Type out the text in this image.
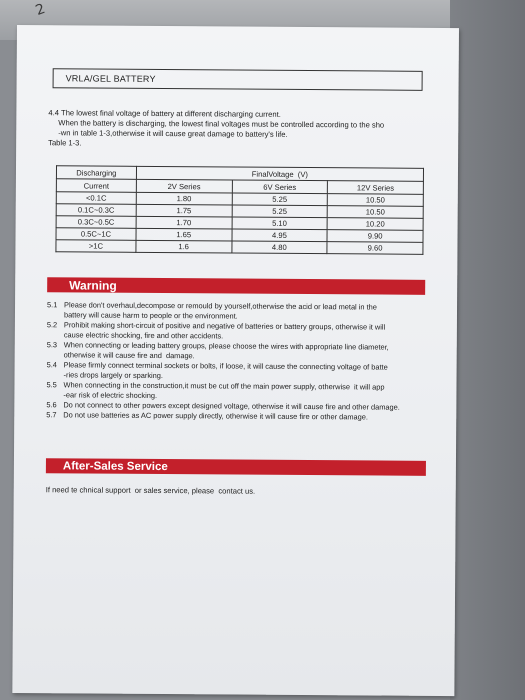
2
VRLA/GEL BATTERY
4.4 The lowest final voltage of battery at different discharging current.
When the battery is discharging, the lowest final voltages must be controlled according to the sho
-wn in table 1-3,otherwise it will cause great damage to battery's life.
Table 1-3.
Discharging	FinalVoltage  (V)		
Current	2V Series	6V Series	12V Series
<0.1C	1.80	5.25	10.50
0.1C~0.3C	1.75	5.25	10.50
0.3C~0.5C	1.70	5.10	10.20
0.5C~1C	1.65	4.95	9.90
>1C	1.6	4.80	9.60
Warning
5.1 Please don't overhaul,decompose or remould by yourself,otherwise the acid or lead metal in the
battery will cause harm to people or the environment.
5.2 Prohibit making short-circuit of positive and negative of batteries or battery groups, otherwise it will
cause electric shocking, fire and other accidents.
5.3 When connecting or leading battery groups, please choose the wires with appropriate line diameter,
otherwise it will cause fire and  damage.
5.4 Please firmly connect terminal sockets or bolts, if loose, it will cause the connecting voltage of batte
-ries drops largely or sparking.
5.5 When connecting in the construction,it must be cut off the main power supply, otherwise  it will app
-ear risk of electric shocking.
5.6 Do not connect to other powers except designed voltage, otherwise it will cause fire and other damage.
5.7 Do not use batteries as AC power supply directly, otherwise it will cause fire or other damage.
After-Sales Service
If need te chnical support  or sales service, please  contact us.
